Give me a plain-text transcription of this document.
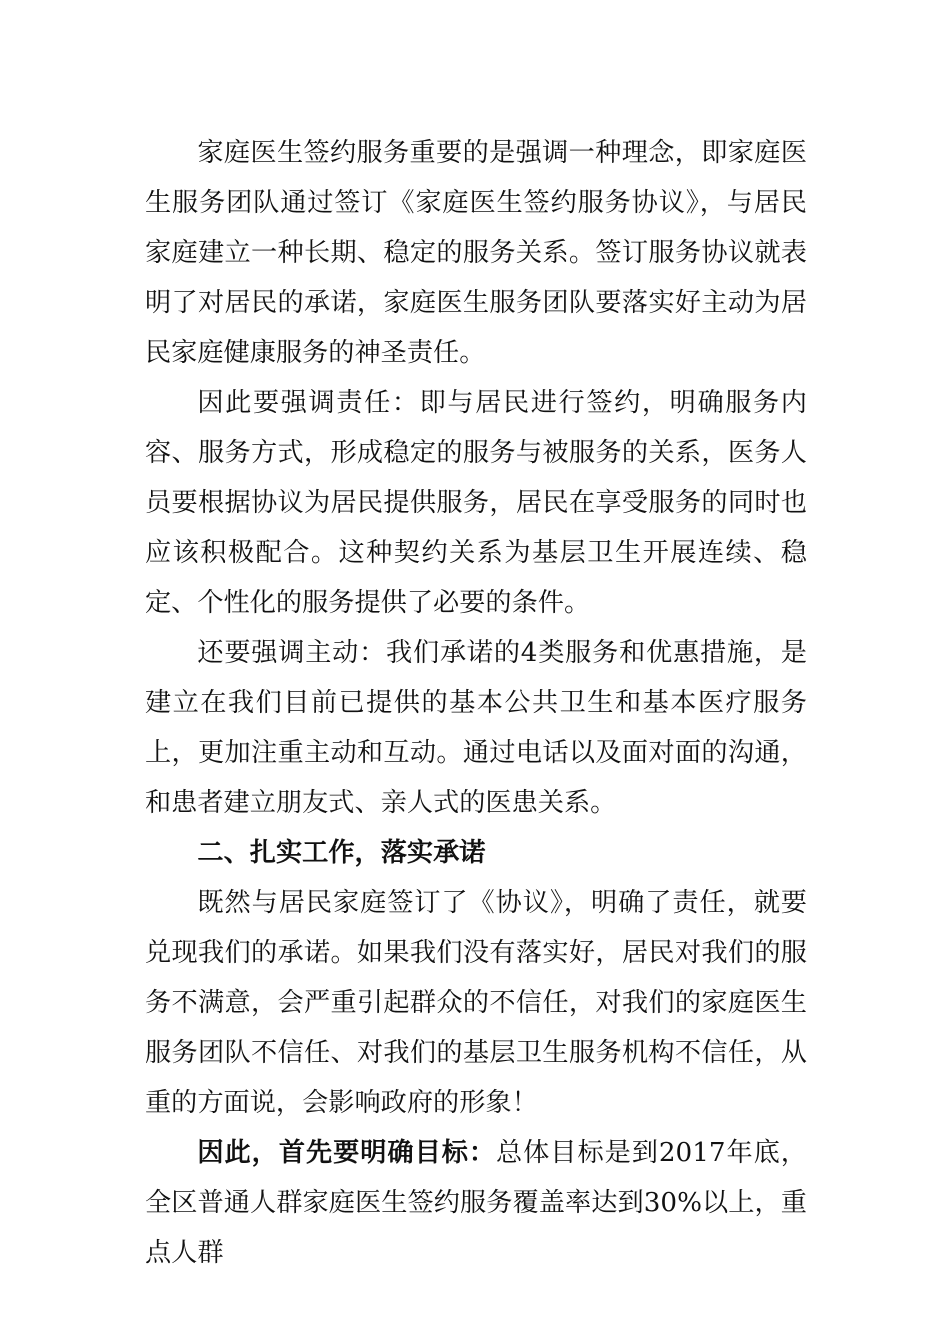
家庭医生签约服务重要的是强调一种理念，即家庭医生服务团队通过签订《家庭医生签约服务协议》，与居民家庭建立一种长期、稳定的服务关系。签订服务协议就表明了对居民的承诺，家庭医生服务团队要落实好主动为居民家庭健康服务的神圣责任。

因此要强调责任：即与居民进行签约，明确服务内容、服务方式，形成稳定的服务与被服务的关系，医务人员要根据协议为居民提供服务，居民在享受服务的同时也应该积极配合。这种契约关系为基层卫生开展连续、稳定、个性化的服务提供了必要的条件。

还要强调主动：我们承诺的4类服务和优惠措施，是建立在我们目前已提供的基本公共卫生和基本医疗服务上，更加注重主动和互动。通过电话以及面对面的沟通，和患者建立朋友式、亲人式的医患关系。

二、扎实工作，落实承诺

既然与居民家庭签订了《协议》，明确了责任，就要兑现我们的承诺。如果我们没有落实好，居民对我们的服务不满意，会严重引起群众的不信任，对我们的家庭医生服务团队不信任、对我们的基层卫生服务机构不信任，从重的方面说，会影响政府的形象！

因此，首先要明确目标：总体目标是到2017年底，全区普通人群家庭医生签约服务覆盖率达到30%以上，重点人群
